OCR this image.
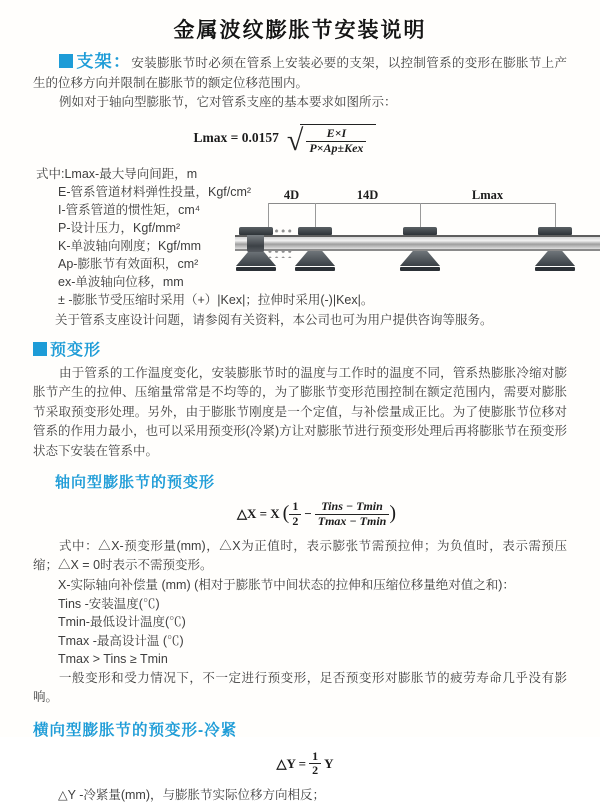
金属波纹膨胀节安装说明

支架：安装膨胀节时必须在管系上安装必要的支架，以控制管系的变形在膨胀节上产生的位移方向并限制在膨胀节的额定位移范围内。

例如对于轴向型膨胀节，它对管系支座的基本要求如图所示：

Lmax = 0.0157 √ $\frac{E\times I}{\text{P×Ap±Kex}}$
式中:Lmax-最大导向间距，m
E-管系管道材料弹性投量，Kgf/cm²
I-管系管道的惯性矩，cm⁴
P-设计压力，Kgf/mm²
K-单波轴向刚度；Kgf/mm
Ap-膨胀节有效面积，cm²
ex-单波轴向位移，mm
± -膨胀节受压缩时采用（+）|Kex|；拉伸时采用(-)|Kex|。
关于管系支座设计问题，请参阅有关资料，本公司也可为用户提供咨询等服务。
4D	14D	Lmax
预变形

由于管系的工作温度变化，安装膨胀节时的温度与工作时的温度不同，管系热膨胀冷缩对膨胀节产生的拉伸、压缩量常常是不均等的，为了膨胀节变形范围控制在额定范围内，需要对膨胀节采取预变形处理。另外，由于膨胀节刚度是一个定值，与补偿量成正比。为了使膨胀节位移对管系的作用力最小，也可以采用预变形(冷紧)方让对膨胀节进行预变形处理后再将膨胀节在预变形状态下安装在管系中。

轴向型膨胀节的预变形
△X = X ( $\frac{1}{2} - \frac{\text{Tins − Tmin}}{Tmax - Tmin}$ )

式中：△X-预变形量(mm)，△X为正值时，表示膨张节需预拉伸；为负值时，表示需预压缩；△X = 0时表示不需预变形。

X-实际轴向补偿量 (mm) (相对于膨胀节中间状态的拉伸和压缩位移量绝对值之和)：
Tins -安装温度(℃)
Tmin-最低设计温度(℃)
Tmax -最高设计温 (℃)
Tmax > Tins ≥ Tmin

一般变形和受力情况下，不一定进行预变形，足否预变形对膨胀节的疲劳寿命几乎没有影响。

横向型膨胀节的预变形-冷紧
△Y = $\frac{1}{2}$ Y
△Y -冷紧量(mm)，与膨胀节实际位移方向相反；
